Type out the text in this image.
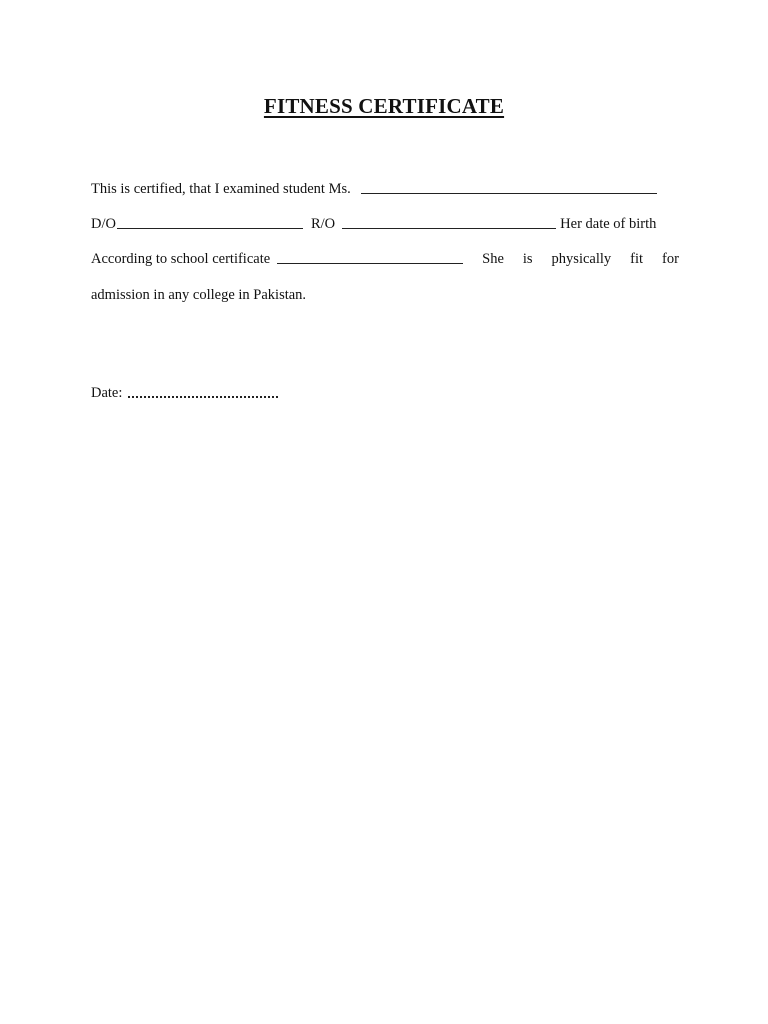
FITNESS CERTIFICATE
This is certified, that I examined student Ms.
D/O	R/O	Her date of birth
According to school certificate	She is physically fit for
admission in any college in Pakistan.
Date:
